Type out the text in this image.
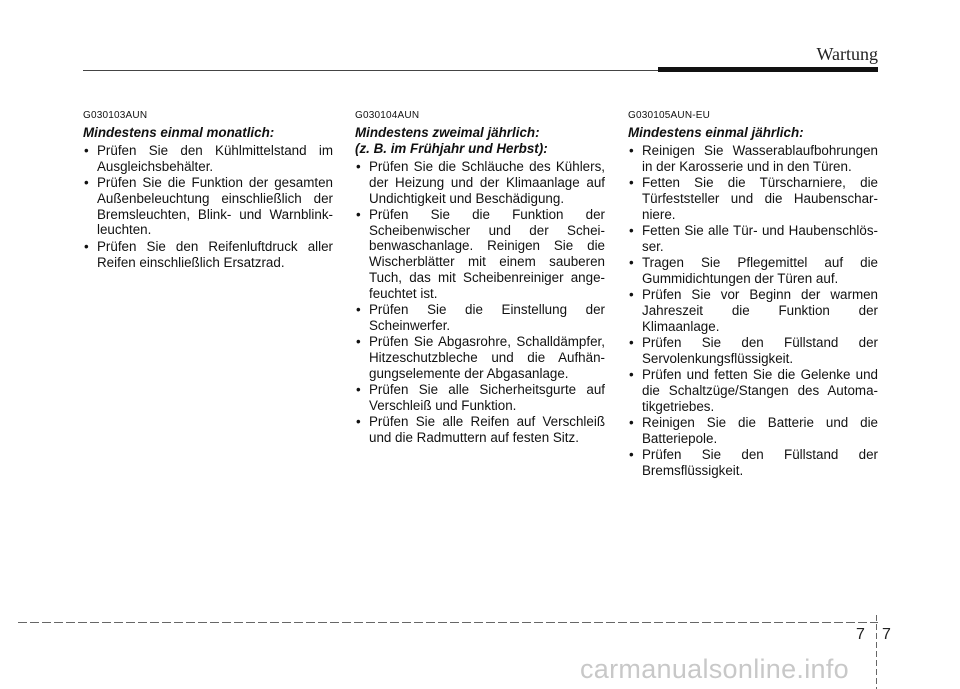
Wartung
G030103AUN

Mindestens einmal monatlich:

• Prüfen Sie den Kühlmittelstand im Ausgleichsbehälter.
• Prüfen Sie die Funktion der gesamten Außenbeleuchtung einschließlich der Bremsleuchten, Blink- und Warnblinkleuchten.
• Prüfen Sie den Reifenluftdruck aller Reifen einschließlich Ersatzrad.
G030104AUN

Mindestens zweimal jährlich:

(z. B. im Frühjahr und Herbst):

• Prüfen Sie die Schläuche des Kühlers, der Heizung und der Klimaanlage auf Undichtigkeit und Beschädigung.
• Prüfen Sie die Funktion der Scheibenwischer und der Scheibenwaschanlage. Reinigen Sie die Wischerblätter mit einem sauberen Tuch, das mit Scheibenreiniger angefeuchtet ist.
• Prüfen Sie die Einstellung der Scheinwerfer.
• Prüfen Sie Abgasrohre, Schalldämpfer, Hitzeschutzbleche und die Aufhängungselemente der Abgasanlage.
• Prüfen Sie alle Sicherheitsgurte auf Verschleiß und Funktion.
• Prüfen Sie alle Reifen auf Verschleiß und die Radmuttern auf festen Sitz.
G030105AUN-EU

Mindestens einmal jährlich:

• Reinigen Sie Wasserablaufbohrungen in der Karosserie und in den Türen.
• Fetten Sie die Türscharniere, die Türfeststeller und die Haubenscharniere.
• Fetten Sie alle Tür- und Haubenschlösser.
• Tragen Sie Pflegemittel auf die Gummidichtungen der Türen auf.
• Prüfen Sie vor Beginn der warmen Jahreszeit die Funktion der Klimaanlage.
• Prüfen Sie den Füllstand der Servolenkungsflüssigkeit.
• Prüfen und fetten Sie die Gelenke und die Schaltzüge/Stangen des Automatikgetriebes.
• Reinigen Sie die Batterie und die Batteriepole.
• Prüfen Sie den Füllstand der Bremsflüssigkeit.
7 7
carmanualsonline.info
